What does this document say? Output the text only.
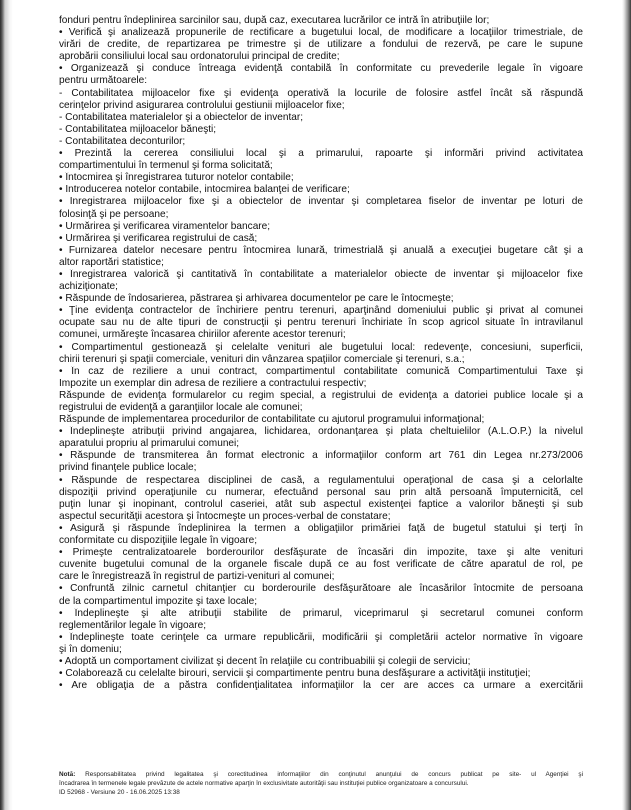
fonduri pentru îndeplinirea sarcinilor sau, după caz, executarea lucrărilor ce intră în atribuţiile lor;
• Verifică şi analizează propunerile de rectificare a bugetului local, de modificare a locaţiilor trimestriale, de
virări de credite, de repartizarea pe trimestre şi de utilizare a fondului de rezervă, pe care le supune
aprobării consiliului local sau ordonatorului principal de credite;
• Organizează şi conduce întreaga evidenţă contabilă în conformitate cu prevederile legale în vigoare
pentru următoarele:
- Contabilitatea mijloacelor fixe şi evidenţa operativă la locurile de folosire astfel încât să răspundă
cerinţelor privind asigurarea controlului gestiunii mijloacelor fixe;
- Contabilitatea materialelor şi a obiectelor de inventar;
- Contabilitatea mijloacelor băneşti;
- Contabilitatea deconturilor;
• Prezintă la cererea consiliului local şi a primarului, rapoarte şi informări privind activitatea
compartimentului în termenul şi forma solicitată;
• Întocmirea şi înregistrarea tuturor notelor contabile;
• Introducerea notelor contabile, intocmirea balanţei de verificare;
• Inregistrarea mijloacelor fixe şi a obiectelor de inventar şi completarea fiselor de inventar pe loturi de
folosinţă şi pe persoane;
• Urmărirea şi verificarea viramentelor bancare;
• Urmărirea şi verificarea registrului de casă;
• Furnizarea datelor necesare pentru întocmirea lunară, trimestrială şi anuală a execuţiei bugetare cât şi a
altor raportări statistice;
• Înregistrarea valorică şi cantitativă în contabilitate a materialelor obiecte de inventar şi mijloacelor fixe
achiziţionate;
• Răspunde de îndosarierea, păstrarea şi arhivarea documentelor pe care le întocmeşte;
• Ţine evidenţa contractelor de închiriere pentru terenuri, aparţinând domeniului public şi privat al comunei
ocupate sau nu de alte tipuri de construcţii şi pentru terenuri închiriate în scop agricol situate în intravilanul
comunei, urmăreşte încasarea chiriilor aferente acestor terenuri;
• Compartimentul gestionează şi celelalte venituri ale bugetului local: redevenţe, concesiuni, superficii,
chirii terenuri şi spaţii comerciale, venituri din vânzarea spaţiilor comerciale şi terenuri, s.a.;
• În caz de reziliere a unui contract, compartimentul contabilitate comunică Compartimentului Taxe şi
Impozite un exemplar din adresa de reziliere a contractului respectiv;
Răspunde de evidenţa formularelor cu regim special, a registrului de evidenţa a datoriei publice locale şi a
registrului de evidenţă a garanţiilor locale ale comunei;
Răspunde de implementarea procedurilor de contabilitate cu ajutorul programului informaţional;
• Îndeplineşte atribuţii privind angajarea, lichidarea, ordonanţarea şi plata cheltuielilor (A.L.O.P.) la nivelul
aparatului propriu al primarului comunei;
• Răspunde de transmiterea ân format electronic a informaţiilor conform art 761 din Legea nr.273/2006
privind finanţele publice locale;
• Răspunde de respectarea disciplinei de casă, a regulamentului operaţional de casa şi a celorlalte
dispoziţii privind operaţiunile cu numerar, efectuând personal sau prin altă persoană împuternicită, cel
puţin lunar şi inopinant, controlul caseriei, atât sub aspectul existenţei faptice a valorilor băneşti şi sub
aspectul securităţii acestora şi întocmeşte un proces-verbal de constatare;
• Asigură şi răspunde îndeplinirea la termen a obligaţiilor primăriei faţă de bugetul statului şi terţi în
conformitate cu dispoziţiile legale în vigoare;
• Primeşte centralizatoarele borderourilor desfăşurate de încasări din impozite, taxe şi alte venituri
cuvenite bugetului comunal de la organele fiscale după ce au fost verificate de către aparatul de rol, pe
care le înregistrează în registrul de partizi-venituri al comunei;
• Confruntă zilnic carnetul chitanţier cu borderourile desfăşurătoare ale încasărilor întocmite de persoana
de la compartimentul impozite şi taxe locale;
• Îndeplineşte şi alte atribuţii stabilite de primarul, viceprimarul şi secretarul comunei conform
reglementărilor legale în vigoare;
• Îndeplineşte toate cerinţele ca urmare republicării, modificării şi completării actelor normative în vigoare
şi în domeniu;
• Adoptă un comportament civilizat şi decent în relaţiile cu contribuabilii şi colegii de serviciu;
• Colaborează cu celelalte birouri, servicii şi compartimente pentru buna desfăşurare a activităţii instituţiei;
• Are obligaţia de a păstra confidenţialitatea informaţiilor la cer are acces ca urmare a exercitării
Notă: Responsabilitatea privind legalitatea şi corectitudinea informaţiilor din conţinutul anunţului de concurs publicat pe site- ul Agenţiei şi
încadrarea în termenele legale prevăzute de actele normative aparţin în exclusivitate autorităţii sau instituţiei publice organizatoare a concursului.
ID 52968 - Versiune 20 - 16.06.2025 13:38
